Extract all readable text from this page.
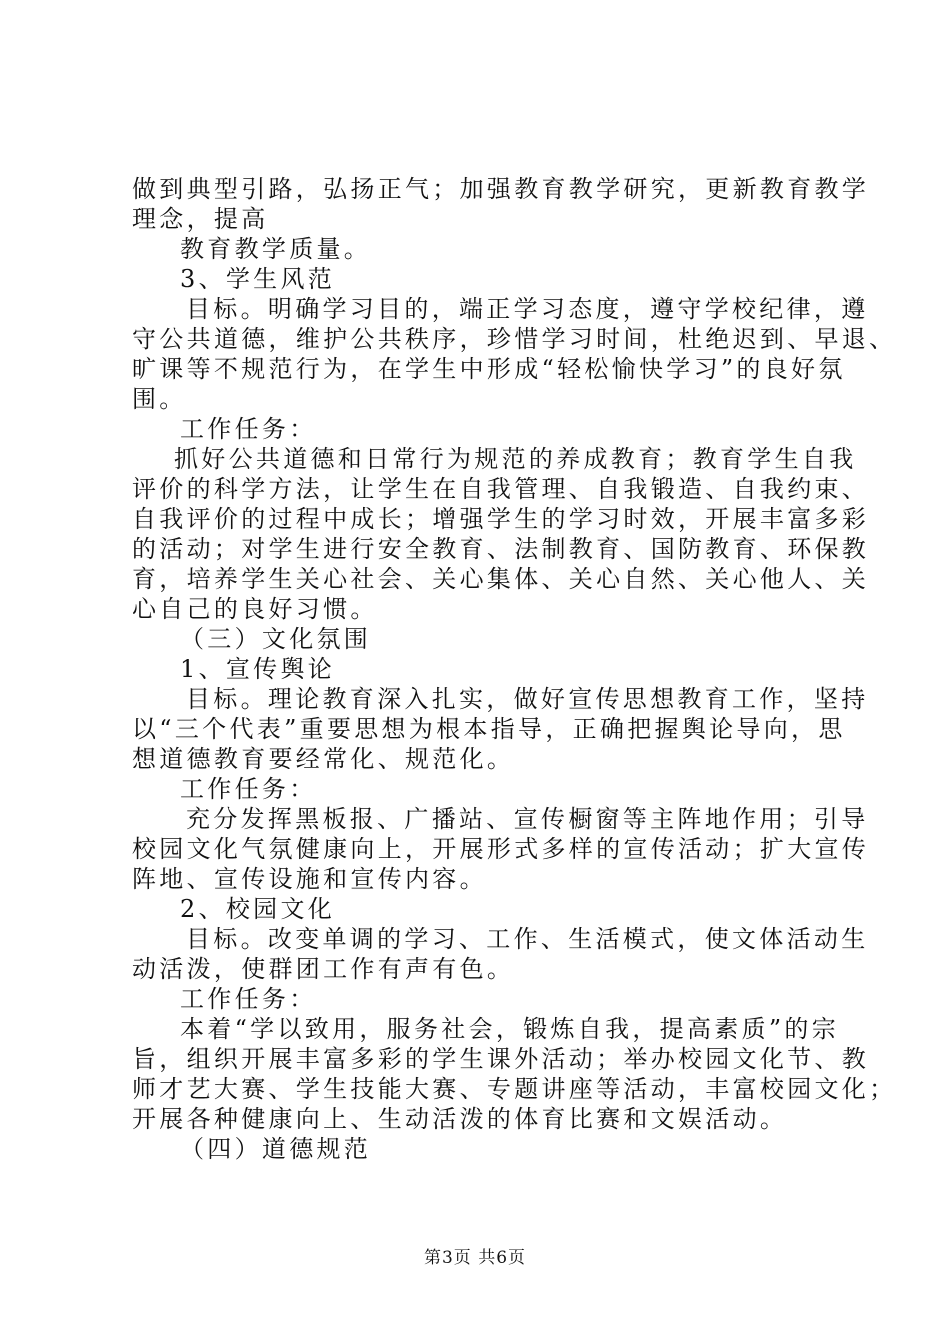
做到典型引路，弘扬正气；加强教育教学研究，更新教育教学
理念，提高
教育教学质量。
3、学生风范
目标。明确学习目的，端正学习态度，遵守学校纪律，遵
守公共道德，维护公共秩序，珍惜学习时间，杜绝迟到、早退、
旷课等不规范行为，在学生中形成“轻松愉快学习”的良好氛
围。
工作任务：
抓好公共道德和日常行为规范的养成教育；教育学生自我
评价的科学方法，让学生在自我管理、自我锻造、自我约束、
自我评价的过程中成长；增强学生的学习时效，开展丰富多彩
的活动；对学生进行安全教育、法制教育、国防教育、环保教
育，培养学生关心社会、关心集体、关心自然、关心他人、关
心自己的良好习惯。
（三）文化氛围
1、宣传舆论
目标。理论教育深入扎实，做好宣传思想教育工作，坚持
以“三个代表”重要思想为根本指导，正确把握舆论导向，思
想道德教育要经常化、规范化。
工作任务：
充分发挥黑板报、广播站、宣传橱窗等主阵地作用；引导
校园文化气氛健康向上，开展形式多样的宣传活动；扩大宣传
阵地、宣传设施和宣传内容。
2、校园文化
目标。改变单调的学习、工作、生活模式，使文体活动生
动活泼，使群团工作有声有色。
工作任务：
本着“学以致用，服务社会，锻炼自我，提高素质”的宗
旨，组织开展丰富多彩的学生课外活动；举办校园文化节、教
师才艺大赛、学生技能大赛、专题讲座等活动，丰富校园文化；
开展各种健康向上、生动活泼的体育比赛和文娱活动。
（四）道德规范
第3页 共6页
